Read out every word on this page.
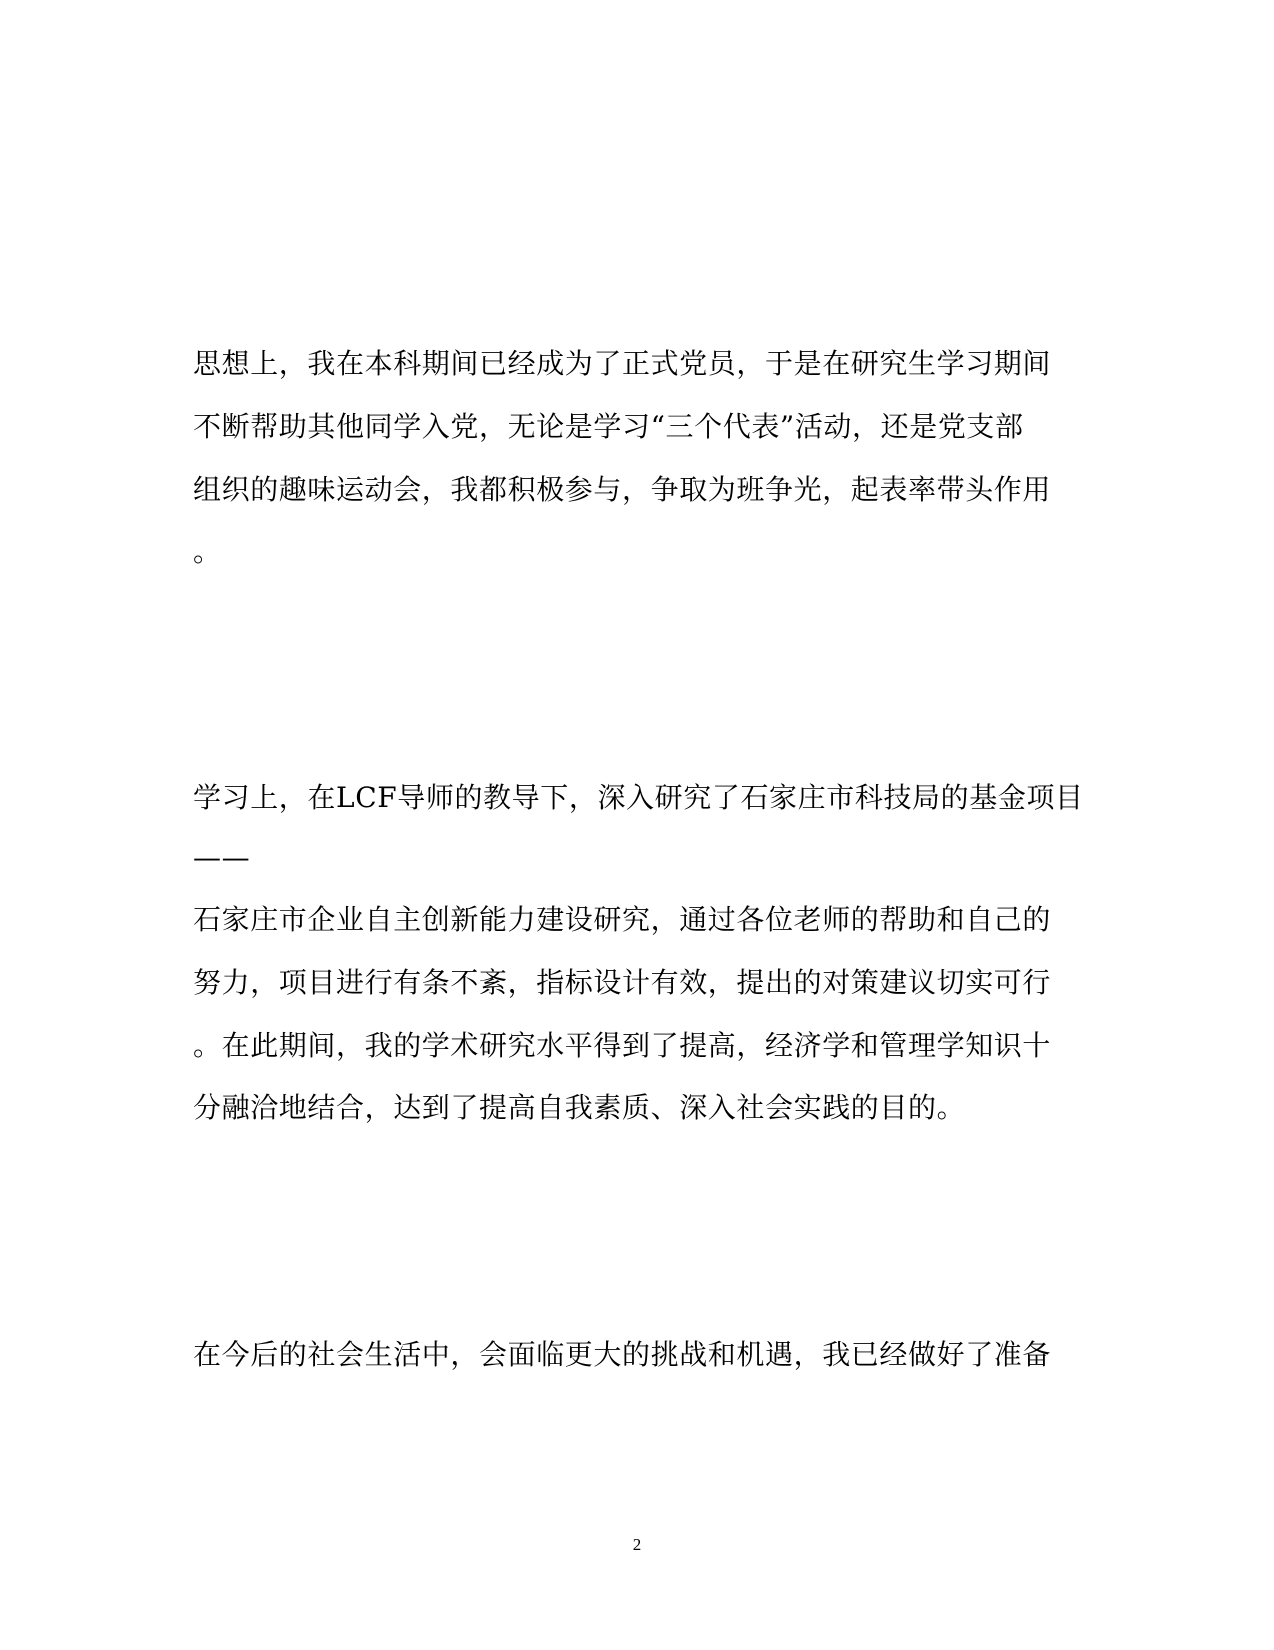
思想上，我在本科期间已经成为了正式党员，于是在研究生学习期间
不断帮助其他同学入党，无论是学习“三个代表”活动，还是党支部
组织的趣味运动会，我都积极参与，争取为班争光，起表率带头作用
。
学习上，在LCF导师的教导下，深入研究了石家庄市科技局的基金项目
——
石家庄市企业自主创新能力建设研究，通过各位老师的帮助和自己的
努力，项目进行有条不紊，指标设计有效，提出的对策建议切实可行
。在此期间，我的学术研究水平得到了提高，经济学和管理学知识十
分融洽地结合，达到了提高自我素质、深入社会实践的目的。
在今后的社会生活中，会面临更大的挑战和机遇，我已经做好了准备
2
